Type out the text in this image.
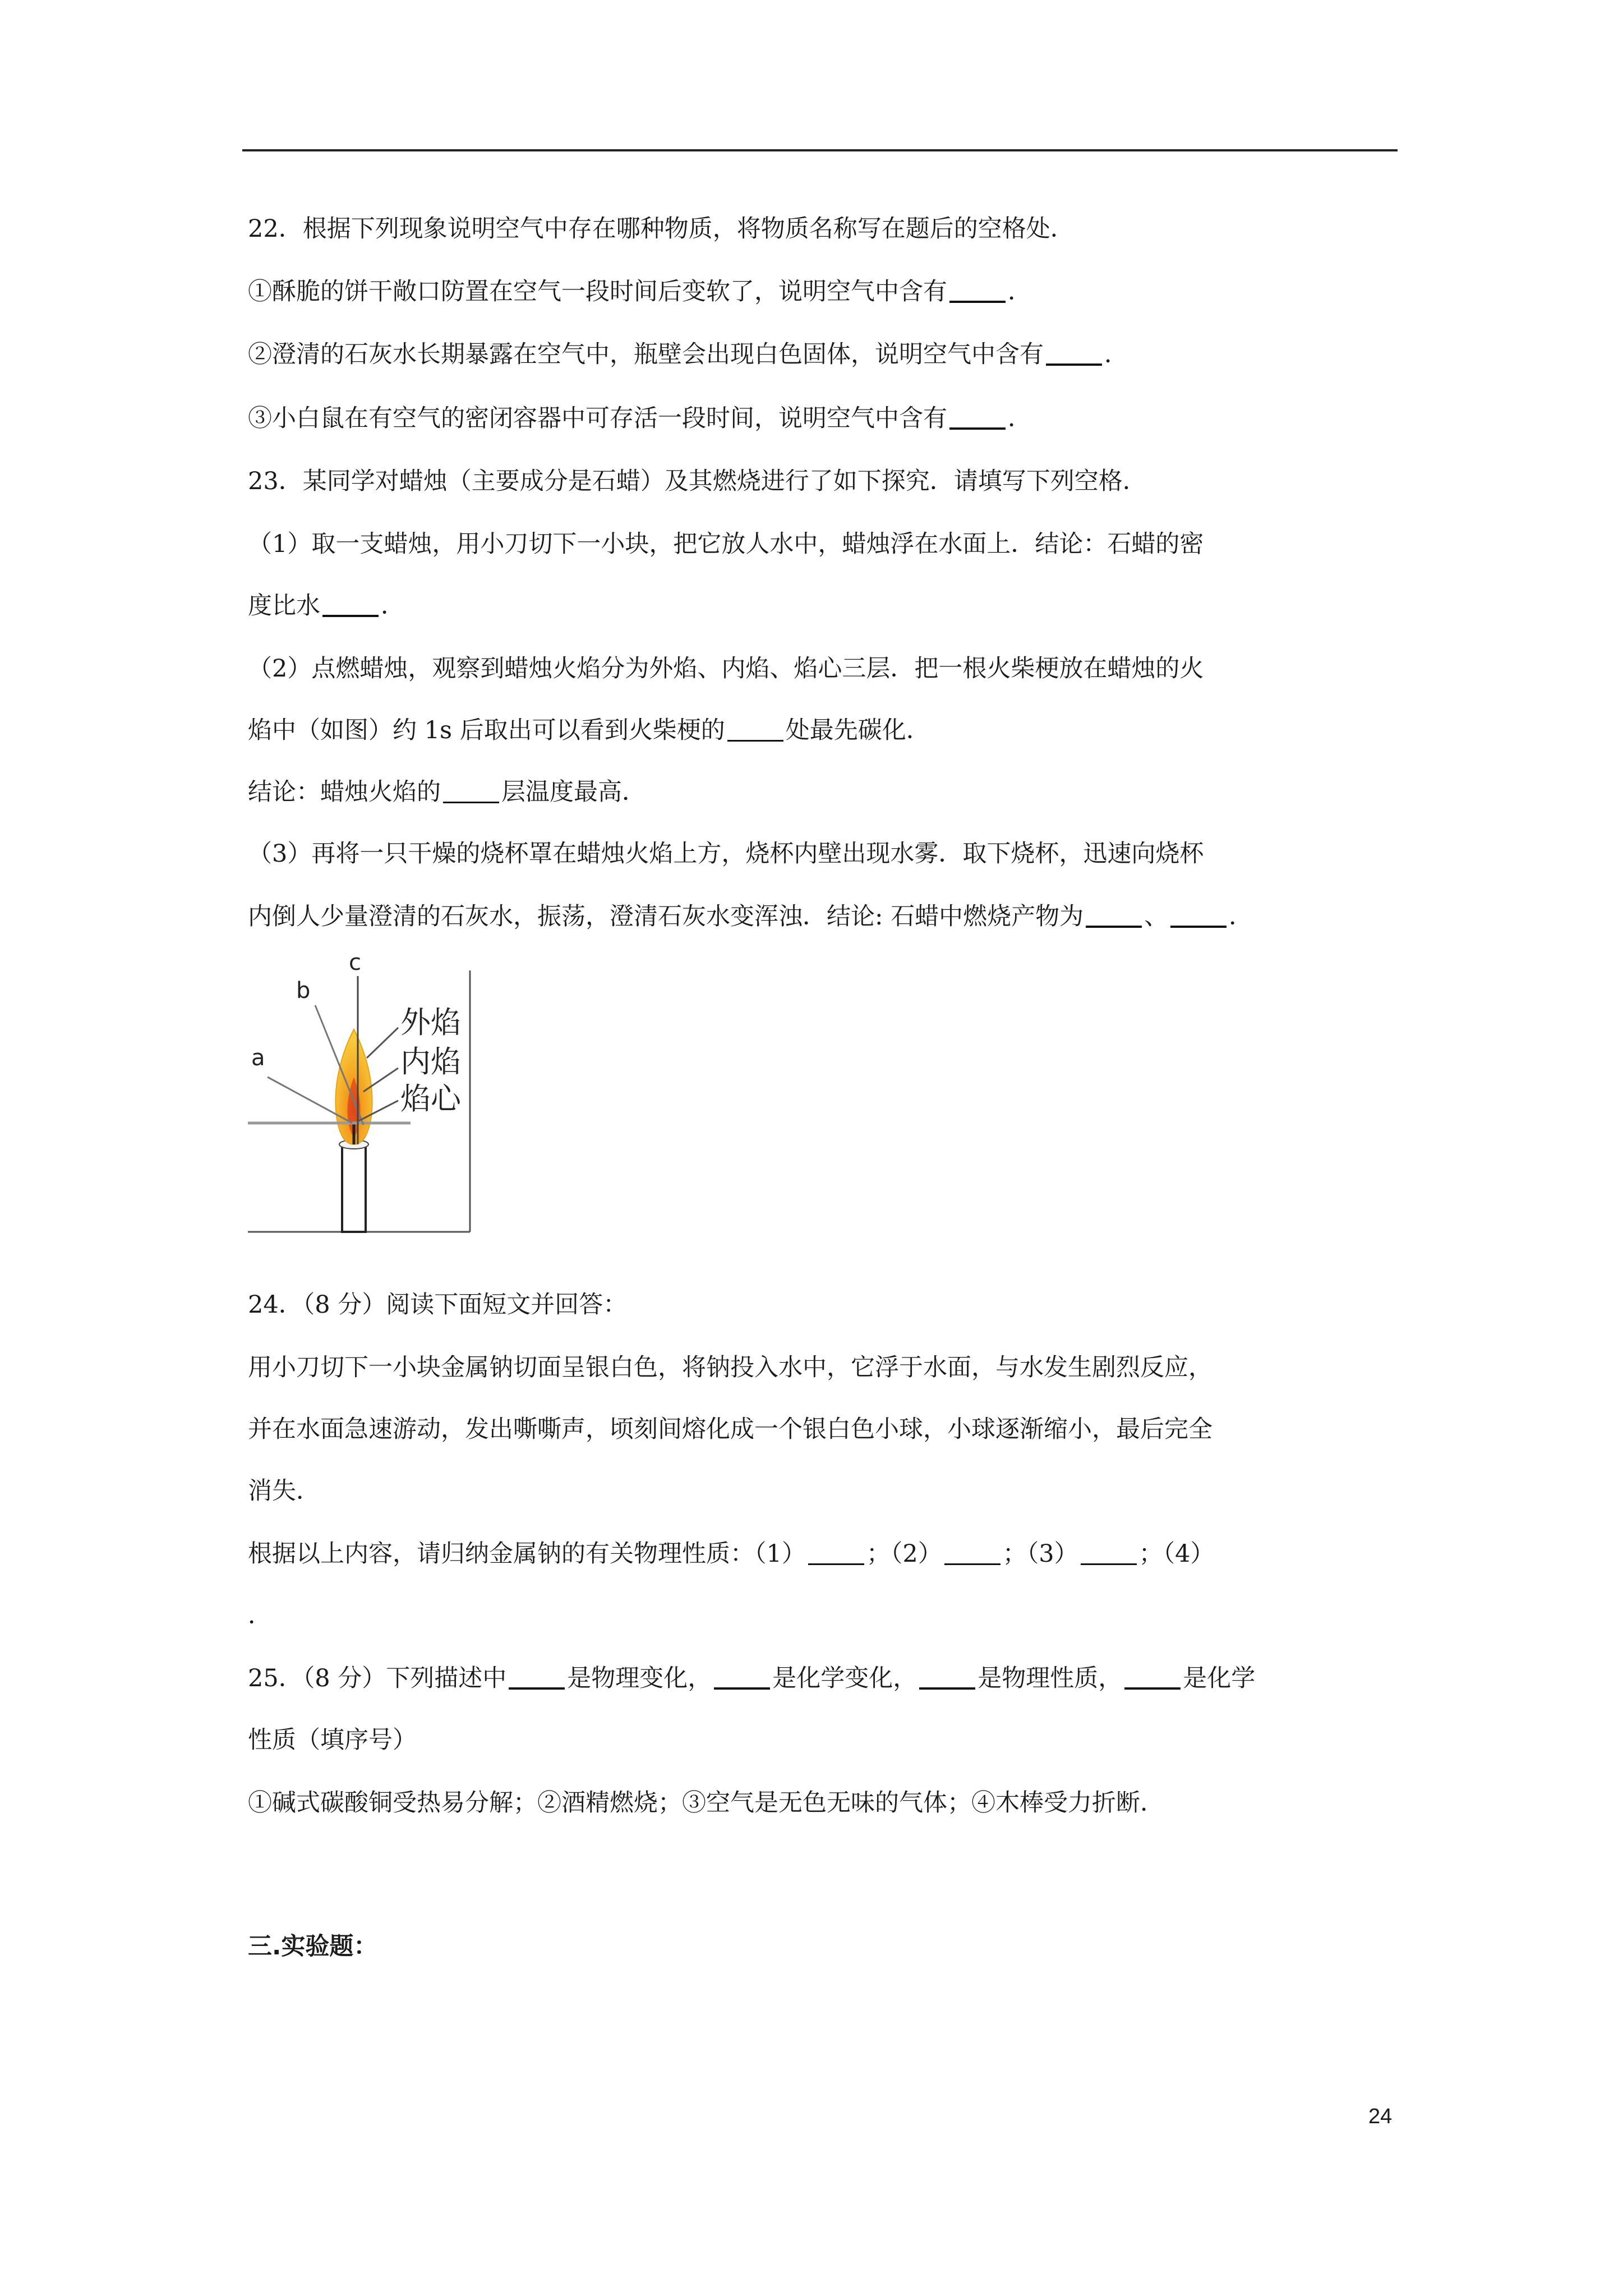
22．根据下列现象说明空气中存在哪种物质，将物质名称写在题后的空格处．
①酥脆的饼干敞口防置在空气一段时间后变软了，说明空气中含有	．
②澄清的石灰水长期暴露在空气中，瓶壁会出现白色固体，说明空气中含有	．
③小白鼠在有空气的密闭容器中可存活一段时间，说明空气中含有	．
23．某同学对蜡烛（主要成分是石蜡）及其燃烧进行了如下探究．请填写下列空格．
（1）取一支蜡烛，用小刀切下一小块，把它放人水中，蜡烛浮在水面上．结论：石蜡的密
度比水	．
（2）点燃蜡烛，观察到蜡烛火焰分为外焰、内焰、焰心三层．把一根火柴梗放在蜡烛的火
焰中（如图）约 1s 后取出可以看到火柴梗的	处最先碳化．
结论：蜡烛火焰的	层温度最高．
（3）再将一只干燥的烧杯罩在蜡烛火焰上方，烧杯内壁出现水雾．取下烧杯，迅速向烧杯
内倒人少量澄清的石灰水，振荡，澄清石灰水变浑浊．结论: 石蜡中燃烧产物为	、	．
c
b
a
外焰
内焰
焰心
24．（8 分）阅读下面短文并回答：
用小刀切下一小块金属钠切面呈银白色，将钠投入水中，它浮于水面，与水发生剧烈反应，
并在水面急速游动，发出嘶嘶声，顷刻间熔化成一个银白色小球，小球逐渐缩小，最后完全
消失．
根据以上内容，请归纳金属钠的有关物理性质：（1）	；（2）	；（3）	；（4）
．
25．（8 分）下列描述中	是物理变化，	是化学变化，	是物理性质，	是化学
性质（填序号）
①碱式碳酸铜受热易分解；②酒精燃烧；③空气是无色无味的气体；④木棒受力折断．
三.实验题：
24
